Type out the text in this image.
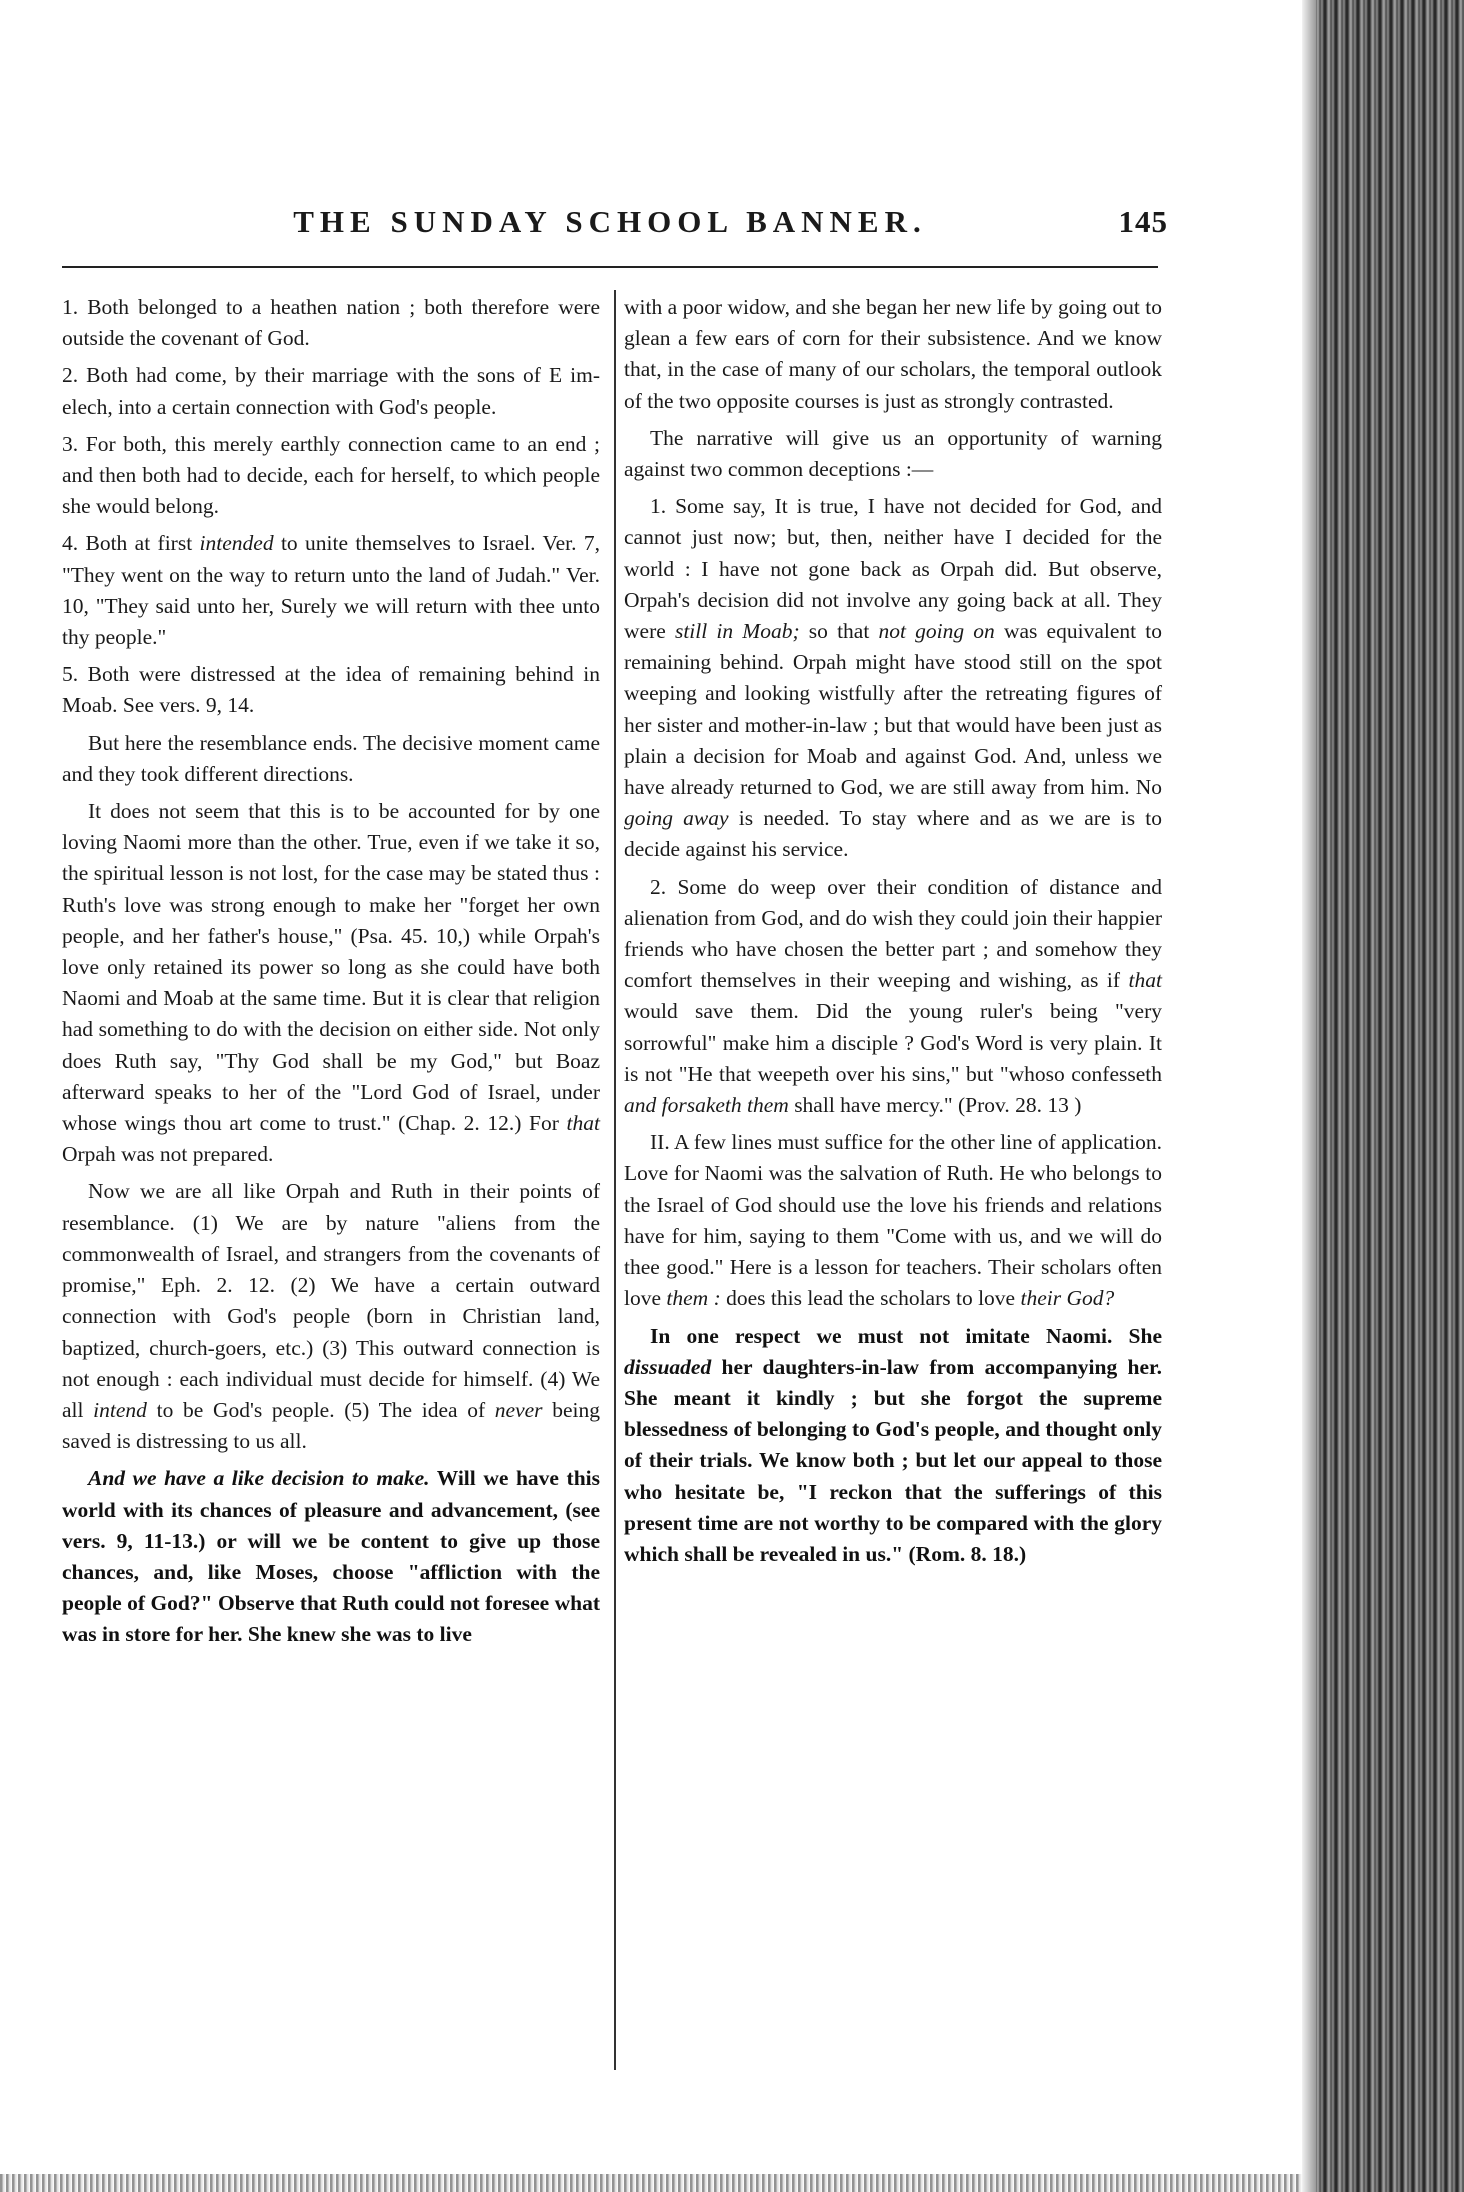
THE SUNDAY SCHOOL BANNER.	145

1. Both belonged to a heathen nation ; both therefore were outside the covenant of God.

2. Both had come, by their marriage with the sons of E im-elech, into a certain connection with God's people.

3. For both, this merely earthly connection came to an end ; and then both had to decide, each for herself, to which people she would belong.

4. Both at first intended to unite themselves to Israel. Ver. 7, "They went on the way to return unto the land of Judah." Ver. 10, "They said unto her, Surely we will return with thee unto thy people."

5. Both were distressed at the idea of remaining behind in Moab. See vers. 9, 14.

But here the resemblance ends. The decisive moment came and they took different directions.

It does not seem that this is to be accounted for by one loving Naomi more than the other. True, even if we take it so, the spiritual lesson is not lost, for the case may be stated thus : Ruth's love was strong enough to make her "forget her own people, and her father's house," (Psa. 45. 10,) while Orpah's love only retained its power so long as she could have both Naomi and Moab at the same time. But it is clear that religion had something to do with the decision on either side. Not only does Ruth say, "Thy God shall be my God," but Boaz afterward speaks to her of the "Lord God of Israel, under whose wings thou art come to trust." (Chap. 2. 12.) For that Orpah was not prepared.

Now we are all like Orpah and Ruth in their points of resemblance. (1) We are by nature "aliens from the commonwealth of Israel, and strangers from the covenants of promise," Eph. 2. 12. (2) We have a certain outward connection with God's people (born in Christian land, baptized, church-goers, etc.) (3) This outward connection is not enough : each individual must decide for himself. (4) We all intend to be God's people. (5) The idea of never being saved is distressing to us all.

And we have a like decision to make. Will we have this world with its chances of pleasure and advancement, (see vers. 9, 11-13.) or will we be content to give up those chances, and, like Moses, choose "affliction with the people of God?" Observe that Ruth could not foresee what was in store for her. She knew she was to live

with a poor widow, and she began her new life by going out to glean a few ears of corn for their subsistence. And we know that, in the case of many of our scholars, the temporal outlook of the two opposite courses is just as strongly contrasted.

The narrative will give us an opportunity of warning against two common deceptions :—

1. Some say, It is true, I have not decided for God, and cannot just now; but, then, neither have I decided for the world : I have not gone back as Orpah did. But observe, Orpah's decision did not involve any going back at all. They were still in Moab; so that not going on was equivalent to remaining behind. Orpah might have stood still on the spot weeping and looking wistfully after the retreating figures of her sister and mother-in-law ; but that would have been just as plain a decision for Moab and against God. And, unless we have already returned to God, we are still away from him. No going away is needed. To stay where and as we are is to decide against his service.

2. Some do weep over their condition of distance and alienation from God, and do wish they could join their happier friends who have chosen the better part ; and somehow they comfort themselves in their weeping and wishing, as if that would save them. Did the young ruler's being "very sorrowful" make him a disciple ? God's Word is very plain. It is not "He that weepeth over his sins," but "whoso confesseth and forsaketh them shall have mercy." (Prov. 28. 13 )

II. A few lines must suffice for the other line of application. Love for Naomi was the salvation of Ruth. He who belongs to the Israel of God should use the love his friends and relations have for him, saying to them "Come with us, and we will do thee good." Here is a lesson for teachers. Their scholars often love them : does this lead the scholars to love their God?

In one respect we must not imitate Naomi. She dissuaded her daughters-in-law from accompanying her. She meant it kindly ; but she forgot the supreme blessedness of belonging to God's people, and thought only of their trials. We know both ; but let our appeal to those who hesitate be, "I reckon that the sufferings of this present time are not worthy to be compared with the glory which shall be revealed in us." (Rom. 8. 18.)
